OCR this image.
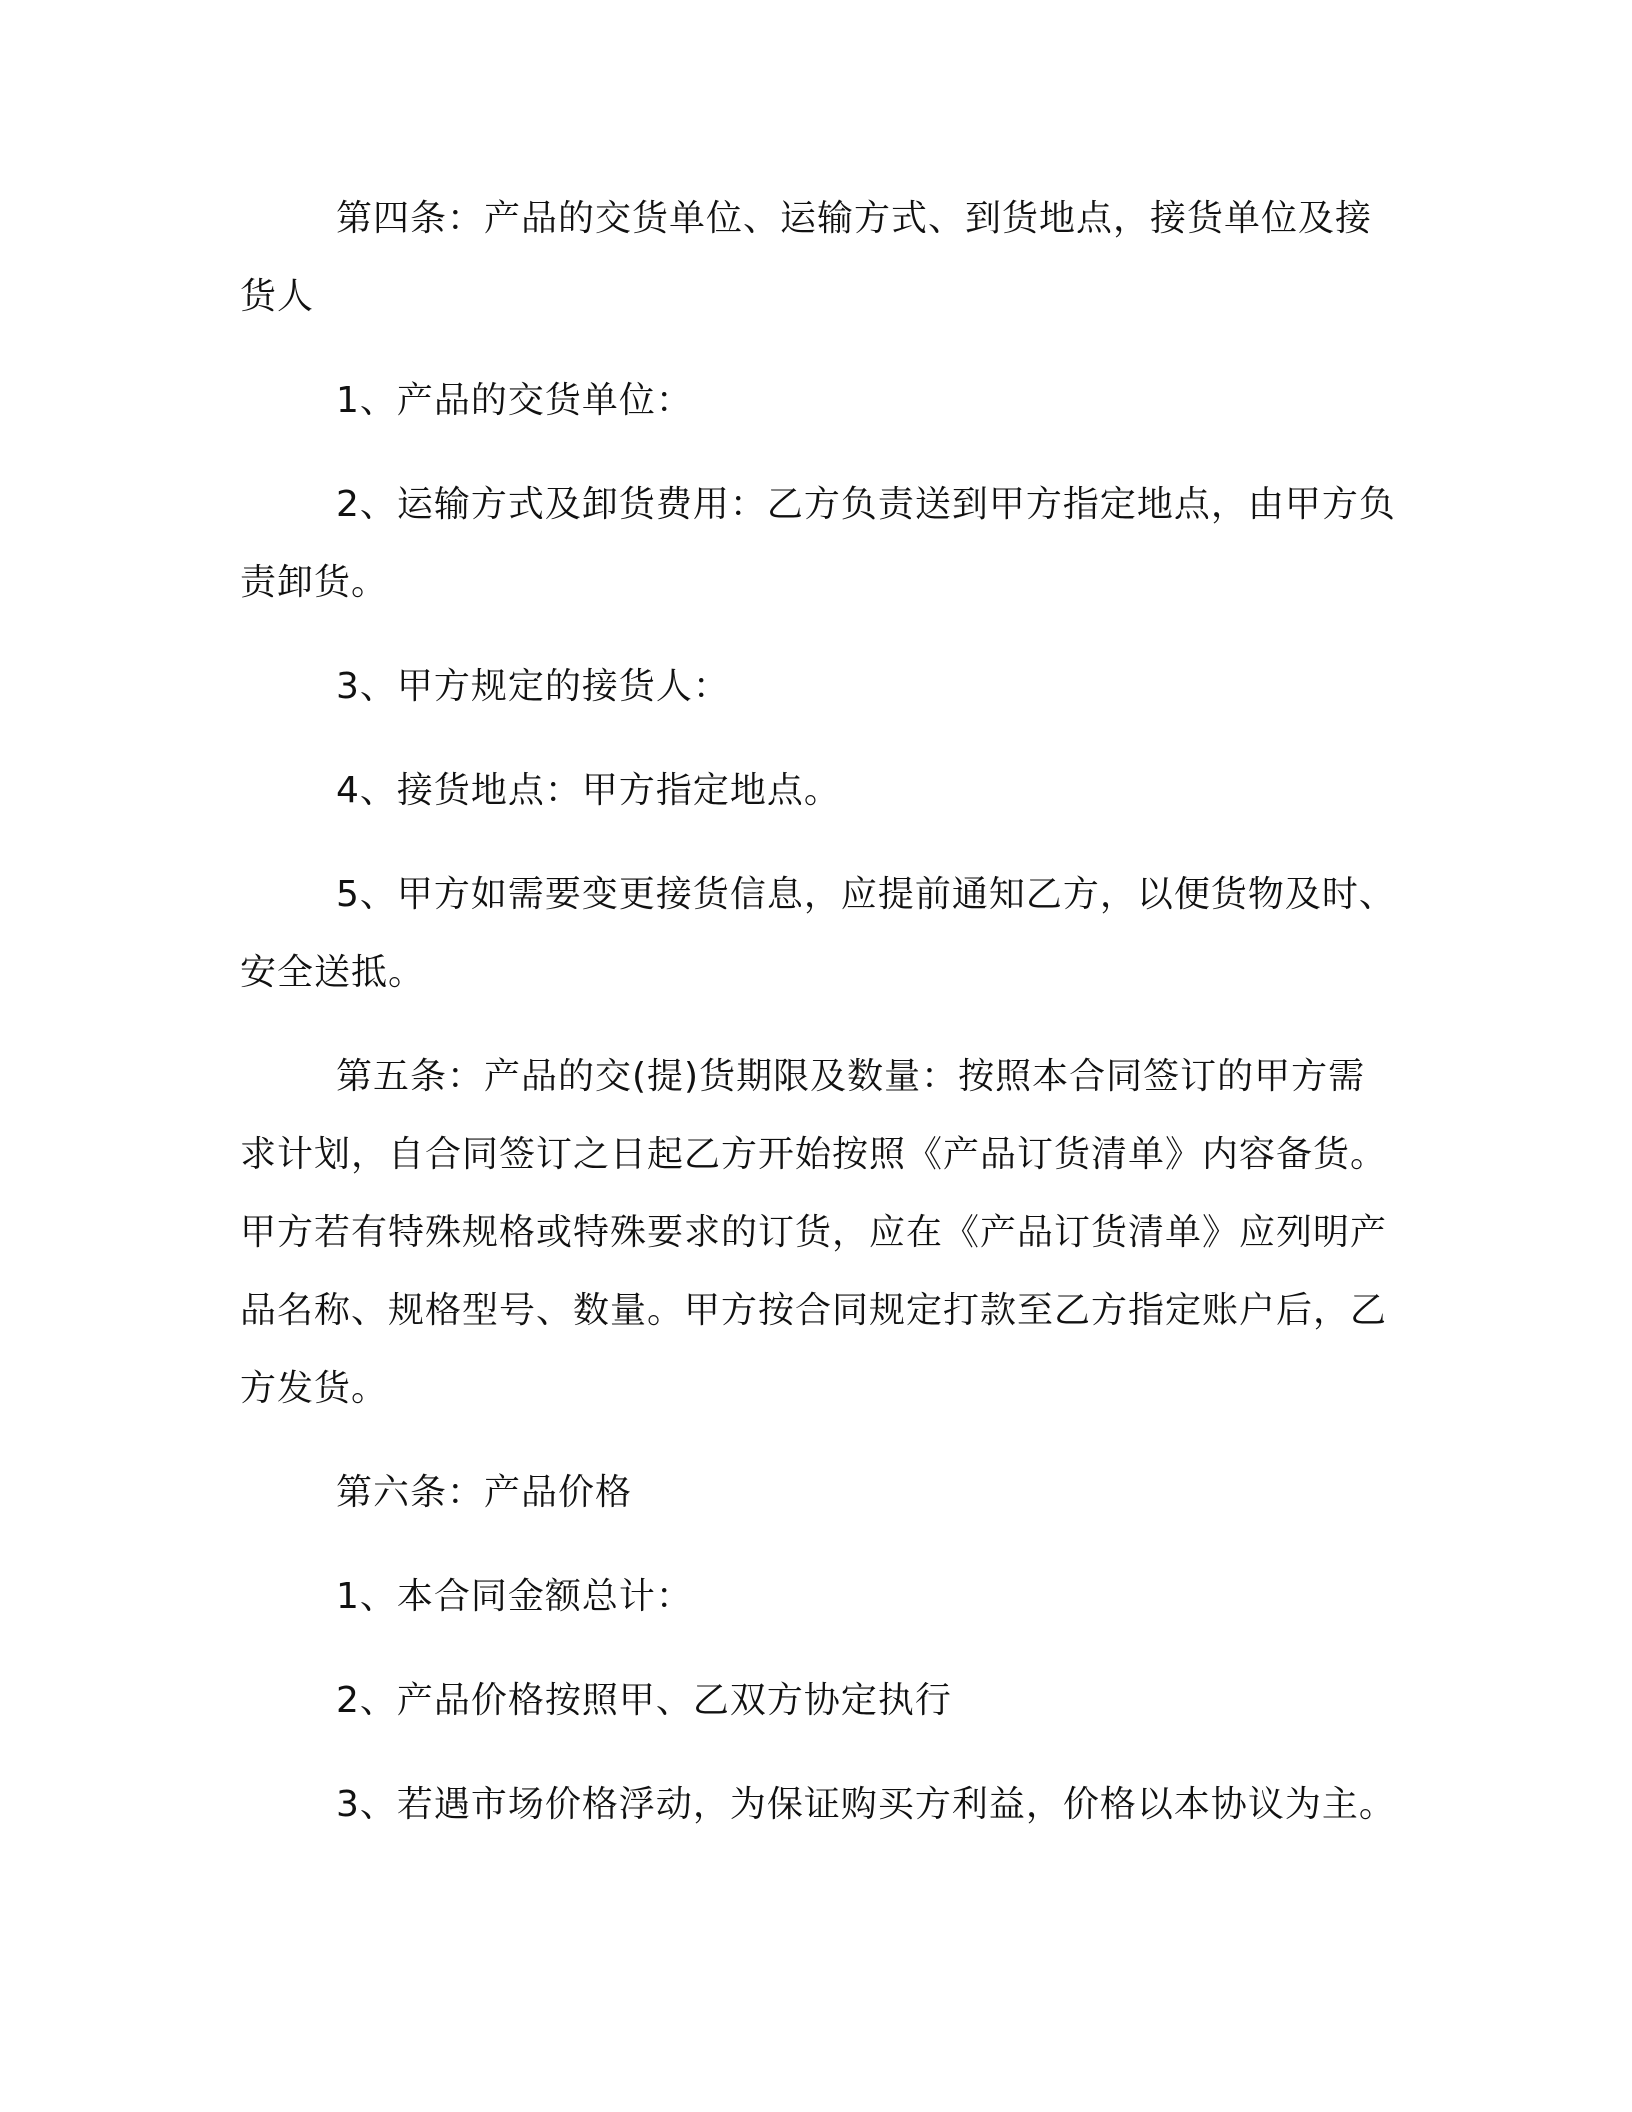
第四条：产品的交货单位、运输方式、到货地点，接货单位及接货人

1、产品的交货单位：

2、运输方式及卸货费用：乙方负责送到甲方指定地点，由甲方负责卸货。

3、甲方规定的接货人：

4、接货地点：甲方指定地点。

5、甲方如需要变更接货信息，应提前通知乙方，以便货物及时、安全送抵。

第五条：产品的交(提)货期限及数量：按照本合同签订的甲方需求计划，自合同签订之日起乙方开始按照《产品订货清单》内容备货。甲方若有特殊规格或特殊要求的订货，应在《产品订货清单》应列明产品名称、规格型号、数量。甲方按合同规定打款至乙方指定账户后，乙方发货。

第六条：产品价格

1、本合同金额总计：

2、产品价格按照甲、乙双方协定执行

3、若遇市场价格浮动，为保证购买方利益，价格以本协议为主。
